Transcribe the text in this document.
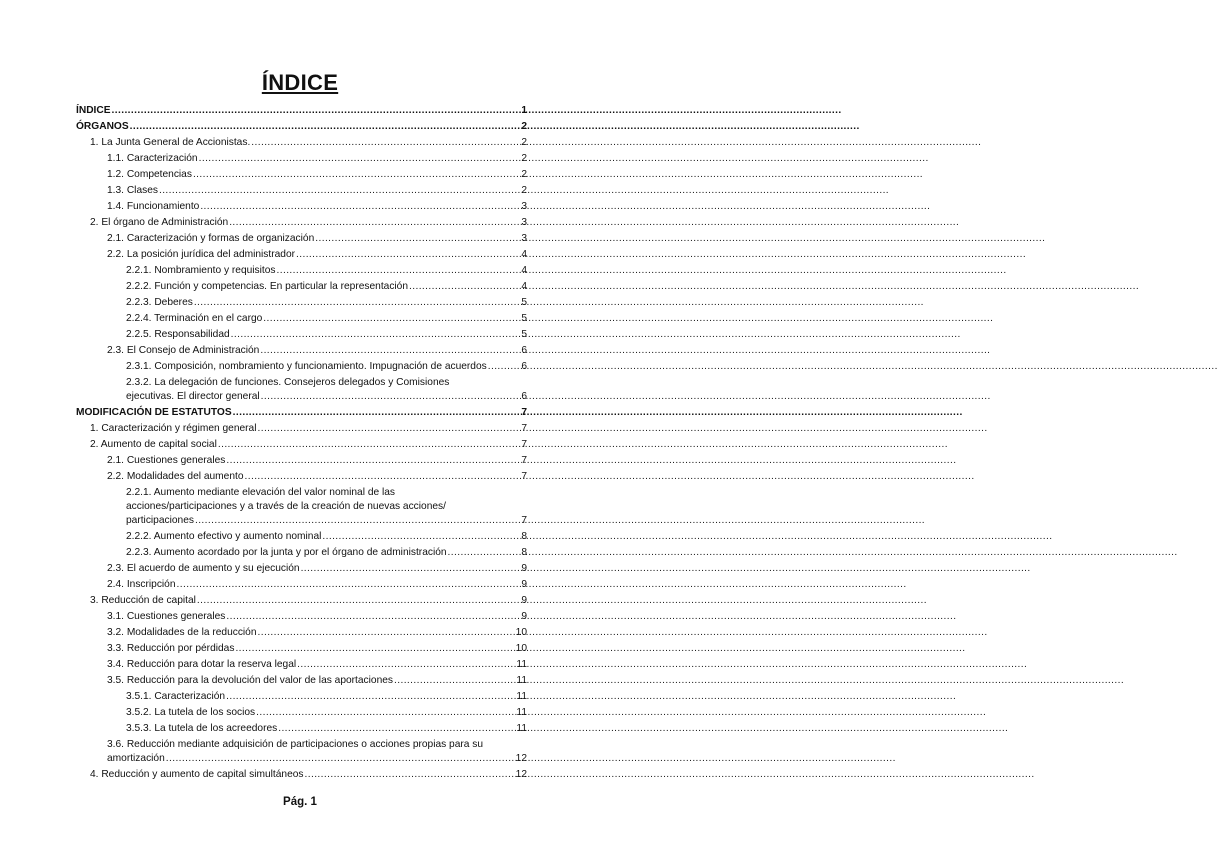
ÍNDICE
ÍNDICE .....	1
ÓRGANOS .....	2
1. La Junta General de Accionistas. .....	2
1.1. Caracterización .....	2
1.2. Competencias .....	2
1.3. Clases .....	2
1.4. Funcionamiento .....	3
2. El órgano de Administración .....	3
2.1. Caracterización y formas de organización .....	3
2.2. La posición jurídica del administrador .....	4
2.2.1. Nombramiento y requisitos .....	4
2.2.2. Función y competencias. En particular la representación .....	4
2.2.3. Deberes .....	5
2.2.4. Terminación en el cargo .....	5
2.2.5. Responsabilidad .....	5
2.3. El Consejo de Administración .....	6
2.3.1. Composición, nombramiento y funcionamiento. Impugnación de acuerdos .....	6
2.3.2. La delegación de funciones. Consejeros delegados y Comisiones
ejecutivas. El director general .....	6
MODIFICACIÓN DE ESTATUTOS .....	7
1. Caracterización y régimen general .....	7
2. Aumento de capital social .....	7
2.1. Cuestiones generales .....	7
2.2. Modalidades del aumento .....	7
2.2.1. Aumento mediante elevación del valor nominal de las
acciones/participaciones y a través de la creación de nuevas acciones/
participaciones .....	7
2.2.2. Aumento efectivo y aumento nominal .....	8
2.2.3. Aumento acordado por la junta y por el órgano de administración .....	8
2.3. El acuerdo de aumento y su ejecución .....	9
2.4. Inscripción .....	9
3. Reducción de capital .....	9
3.1. Cuestiones generales .....	9
3.2. Modalidades de la reducción .....	10
3.3. Reducción por pérdidas .....	10
3.4. Reducción para dotar la reserva legal .....	11
3.5. Reducción para la devolución del valor de las aportaciones .....	11
3.5.1. Caracterización .....	11
3.5.2. La tutela de los socios .....	11
3.5.3. La tutela de los acreedores .....	11
3.6. Reducción mediante adquisición de participaciones o acciones propias para su
amortización .....	12
4. Reducción y aumento de capital simultáneos .....	12
Pág. 1
